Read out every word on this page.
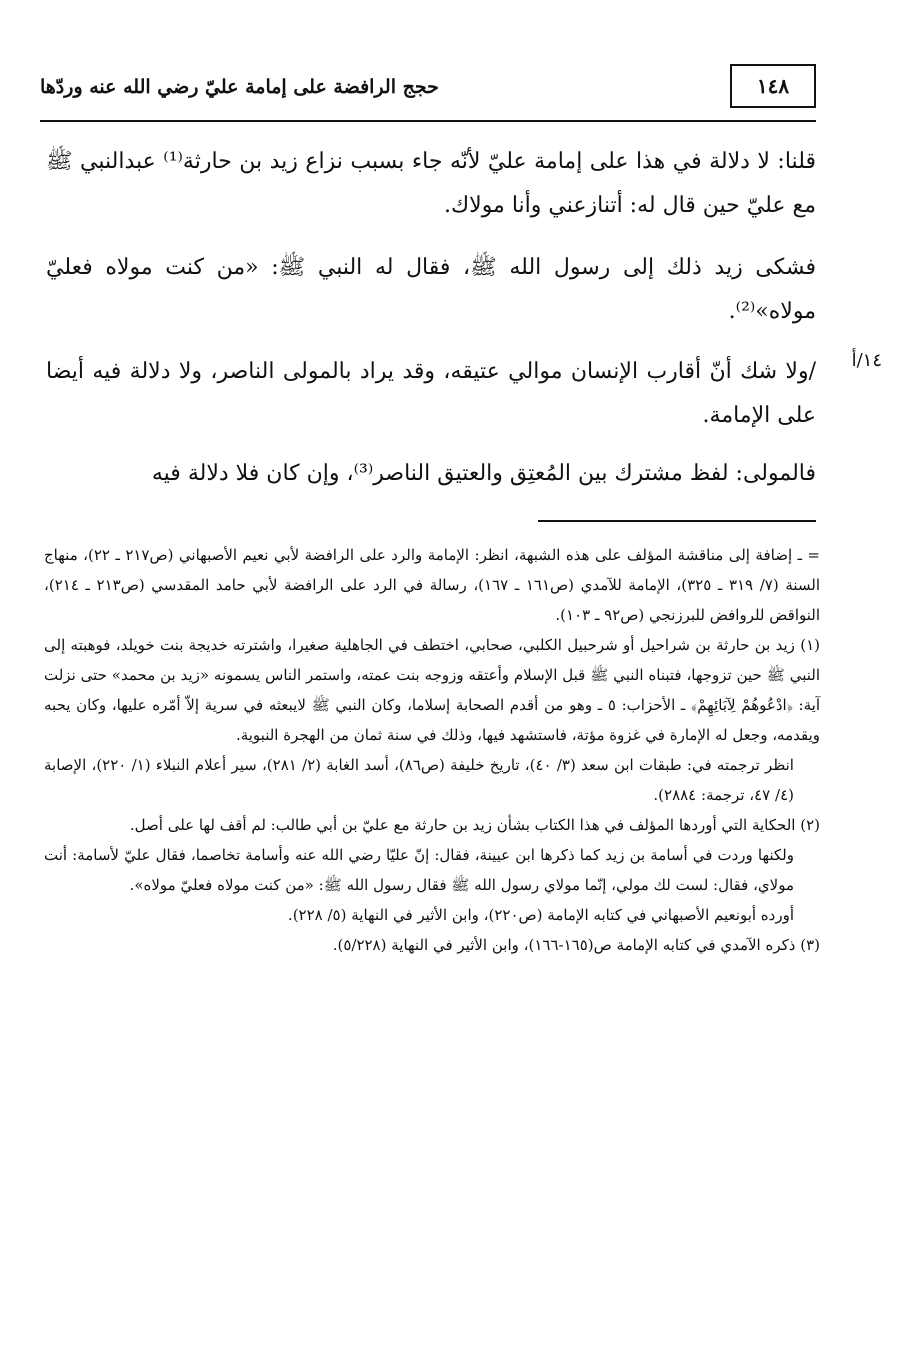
حجج الرافضة على إمامة عليّ رضي الله عنه وردّها	١٤٨
قلنا: لا دلالة في هذا على إمامة عليّ لأنّه جاء بسبب نزاع زيد بن حارثة⁽¹⁾ عبدالنبي ﷺ مع عليّ حين قال له: أتنازعني وأنا مولاك.
فشكى زيد ذلك إلى رسول الله ﷺ، فقال له النبي ﷺ: «من كنت مولاه فعليّ مولاه»⁽²⁾.
١٤/أ
/ولا شك أنّ أقارب الإنسان موالي عتيقه، وقد يراد بالمولى الناصر، ولا دلالة فيه أيضا على الإمامة.
فالمولى: لفظ مشترك بين المُعتِق والعتيق الناصر⁽³⁾، وإن كان فلا دلالة فيه

= ـ إضافة إلى مناقشة المؤلف على هذه الشبهة، انظر: الإمامة والرد على الرافضة لأبي نعيم الأصبهاني (ص٢١٧ ـ ٢٢)، منهاج السنة (٧/ ٣١٩ ـ ٣٢٥)، الإمامة للآمدي (ص١٦١ ـ ١٦٧)، رسالة في الرد على الرافضة لأبي حامد المقدسي (ص٢١٣ ـ ٢١٤)، النواقض للروافض للبرزنجي (ص٩٢ ـ ١٠٣).

(١) زيد بن حارثة بن شراحيل أو شرحبيل الكلبي، صحابي، اختطف في الجاهلية صغيرا، واشترته خديجة بنت خويلد، فوهبته إلى النبي ﷺ حين تزوجها، فتبناه النبي ﷺ قبل الإسلام وأعتقه وزوجه بنت عمته، واستمر الناس يسمونه «زيد بن محمد» حتى نزلت آية: ﴿ادْعُوهُمْ لِآبَائِهِمْ﴾ ـ الأحزاب: ٥ ـ وهو من أقدم الصحابة إسلاما، وكان النبي ﷺ لايبعثه في سرية إلاّ أمّره عليها، وكان يحبه ويقدمه، وجعل له الإمارة في غزوة مؤتة، فاستشهد فيها، وذلك في سنة ثمان من الهجرة النبوية.

انظر ترجمته في: طبقات ابن سعد (٣/ ٤٠)، تاريخ خليفة (ص٨٦)، أسد الغابة (٢/ ٢٨١)، سير أعلام النبلاء (١/ ٢٢٠)، الإصابة (٤/ ٤٧، ترجمة: ٢٨٨٤).

(٢) الحكاية التي أوردها المؤلف في هذا الكتاب بشأن زيد بن حارثة مع عليّ بن أبي طالب: لم أقف لها على أصل.

ولكنها وردت في أسامة بن زيد كما ذكرها ابن عيينة، فقال: إنّ عليّا رضي الله عنه وأسامة تخاصما، فقال عليّ لأسامة: أنت مولاي، فقال: لست لك مولي، إنّما مولاي رسول الله ﷺ فقال رسول الله ﷺ: «من كنت مولاه فعليّ مولاه».

أورده أبونعيم الأصبهاني في كتابه الإمامة (ص٢٢٠)، وابن الأثير في النهاية (٥/ ٢٢٨).

(٣) ذكره الآمدي في كتابه الإمامة ص(١٦٥-١٦٦)، وابن الأثير في النهاية (٥/٢٢٨).
